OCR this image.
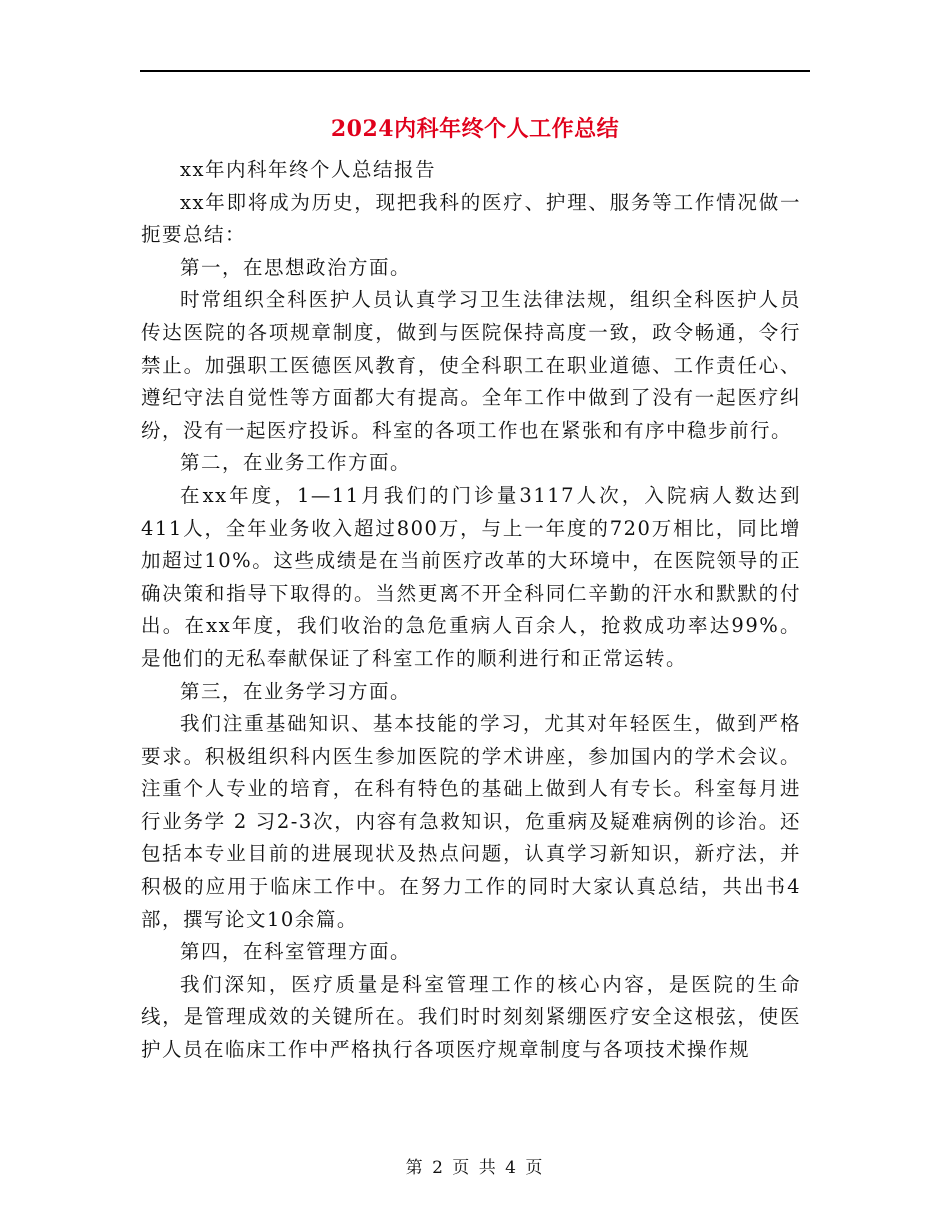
2024内科年终个人工作总结

xx年内科年终个人总结报告

xx年即将成为历史，现把我科的医疗、护理、服务等工作情况做一扼要总结：

第一，在思想政治方面。

时常组织全科医护人员认真学习卫生法律法规，组织全科医护人员传达医院的各项规章制度，做到与医院保持高度一致，政令畅通，令行禁止。加强职工医德医风教育，使全科职工在职业道德、工作责任心、遵纪守法自觉性等方面都大有提高。全年工作中做到了没有一起医疗纠纷，没有一起医疗投诉。科室的各项工作也在紧张和有序中稳步前行。

第二，在业务工作方面。

在xx年度，1—11月我们的门诊量3117人次，入院病人数达到411人，全年业务收入超过800万，与上一年度的720万相比，同比增加超过10%。这些成绩是在当前医疗改革的大环境中，在医院领导的正确决策和指导下取得的。当然更离不开全科同仁辛勤的汗水和默默的付出。在xx年度，我们收治的急危重病人百余人，抢救成功率达99%。是他们的无私奉献保证了科室工作的顺利进行和正常运转。

第三，在业务学习方面。

我们注重基础知识、基本技能的学习，尤其对年轻医生，做到严格要求。积极组织科内医生参加医院的学术讲座，参加国内的学术会议。注重个人专业的培育，在科有特色的基础上做到人有专长。科室每月进行业务学 2 习2-3次，内容有急救知识，危重病及疑难病例的诊治。还包括本专业目前的进展现状及热点问题，认真学习新知识，新疗法，并积极的应用于临床工作中。在努力工作的同时大家认真总结，共出书4部，撰写论文10余篇。

第四，在科室管理方面。

我们深知，医疗质量是科室管理工作的核心内容，是医院的生命线，是管理成效的关键所在。我们时时刻刻紧绷医疗安全这根弦，使医护人员在临床工作中严格执行各项医疗规章制度与各项技术操作规

第 2 页 共 4 页
